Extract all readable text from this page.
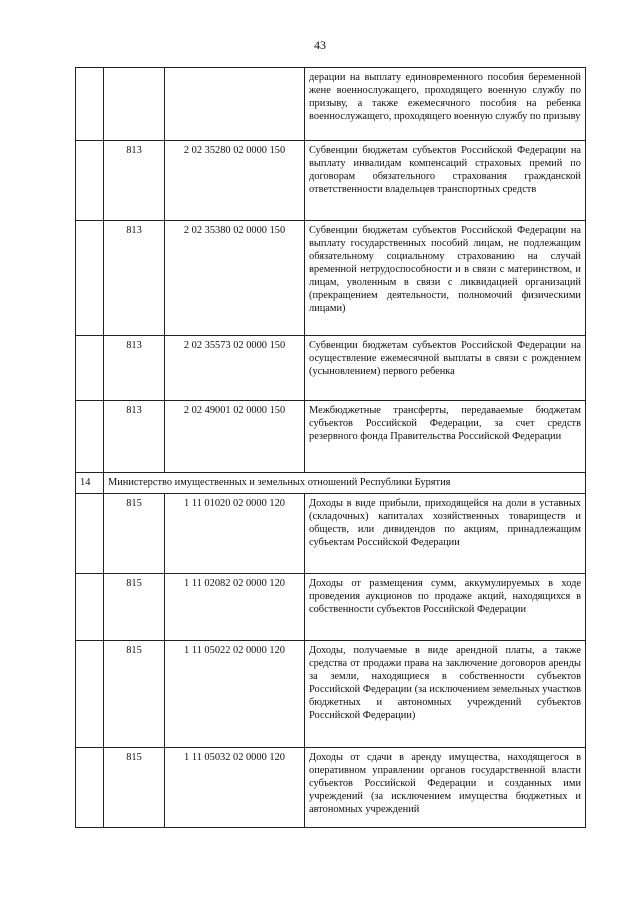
43
			дерации на выплату единовременного пособия беременной жене военнослужащего, проходящего военную службу по призыву, а также ежемесячного пособия на ребенка военнослужащего, проходящего военную службу по призыву
	813	2 02 35280 02 0000 150	Субвенции бюджетам субъектов Российской Федерации на выплату инвалидам компенсаций страховых премий по договорам обязательного страхования гражданской ответственности владельцев транспортных средств
	813	2 02 35380 02 0000 150	Субвенции бюджетам субъектов Российской Федерации на выплату государственных пособий лицам, не подлежащим обязательному социальному страхованию на случай временной нетрудоспособности и в связи с материнством, и лицам, уволенным в связи с ликвидацией организаций (прекращением деятельности, полномочий физическими лицами)
	813	2 02 35573 02 0000 150	Субвенции бюджетам субъектов Российской Федерации на осуществление ежемесячной выплаты в связи с рождением (усыновлением) первого ребенка
	813	2 02 49001 02 0000 150	Межбюджетные трансферты, передаваемые бюджетам субъектов Российской Федерации, за счет средств резервного фонда Правительства Российской Федерации
14	Министерство имущественных и земельных отношений Республики Бурятия		
	815	1 11 01020 02 0000 120	Доходы в виде прибыли, приходящейся на доли в уставных (складочных) капиталах хозяйственных товариществ и обществ, или дивидендов по акциям, принадлежащим субъектам Российской Федерации
	815	1 11 02082 02 0000 120	Доходы от размещения сумм, аккумулируемых в ходе проведения аукционов по продаже акций, находящихся в собственности субъектов Российской Федерации
	815	1 11 05022 02 0000 120	Доходы, получаемые в виде арендной платы, а также средства от продажи права на заключение договоров аренды за земли, находящиеся в собственности субъектов Российской Федерации (за исключением земельных участков бюджетных и автономных учреждений субъектов Российской Федерации)
	815	1 11 05032 02 0000 120	Доходы от сдачи в аренду имущества, находящегося в оперативном управлении органов государственной власти субъектов Российской Федерации и созданных ими учреждений (за исключением имущества бюджетных и автономных учреждений
